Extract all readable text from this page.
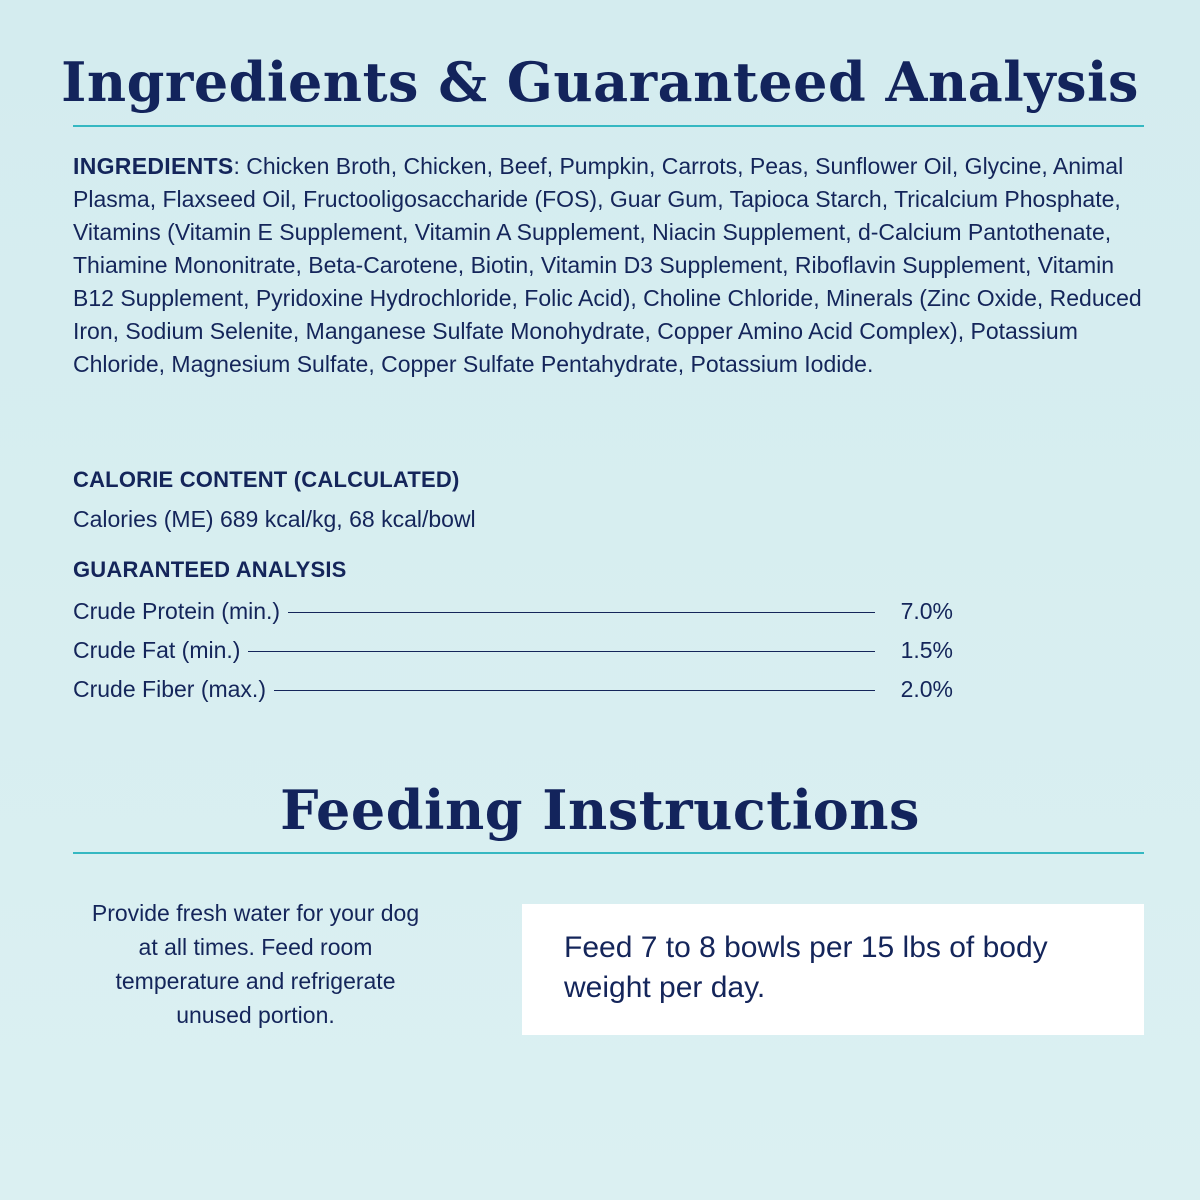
Ingredients & Guaranteed Analysis
INGREDIENTS: Chicken Broth, Chicken, Beef, Pumpkin, Carrots, Peas, Sunflower Oil, Glycine, Animal Plasma, Flaxseed Oil, Fructooligosaccharide (FOS), Guar Gum, Tapioca Starch, Tricalcium Phosphate, Vitamins (Vitamin E Supplement, Vitamin A Supplement, Niacin Supplement, d-Calcium Pantothenate, Thiamine Mononitrate, Beta-Carotene, Biotin, Vitamin D3 Supplement, Riboflavin Supplement, Vitamin B12 Supplement, Pyridoxine Hydrochloride, Folic Acid), Choline Chloride, Minerals (Zinc Oxide, Reduced Iron, Sodium Selenite, Manganese Sulfate Monohydrate, Copper Amino Acid Complex), Potassium Chloride, Magnesium Sulfate, Copper Sulfate Pentahydrate, Potassium Iodide.
CALORIE CONTENT (CALCULATED)
Calories (ME) 689 kcal/kg, 68 kcal/bowl
GUARANTEED ANALYSIS
Crude Protein (min.)	7.0%
Crude Fat (min.)	1.5%
Crude Fiber (max.)	2.0%
Feeding Instructions
Provide fresh water for your dog at all times. Feed room temperature and refrigerate unused portion.
Feed 7 to 8 bowls per 15 lbs of body weight per day.
